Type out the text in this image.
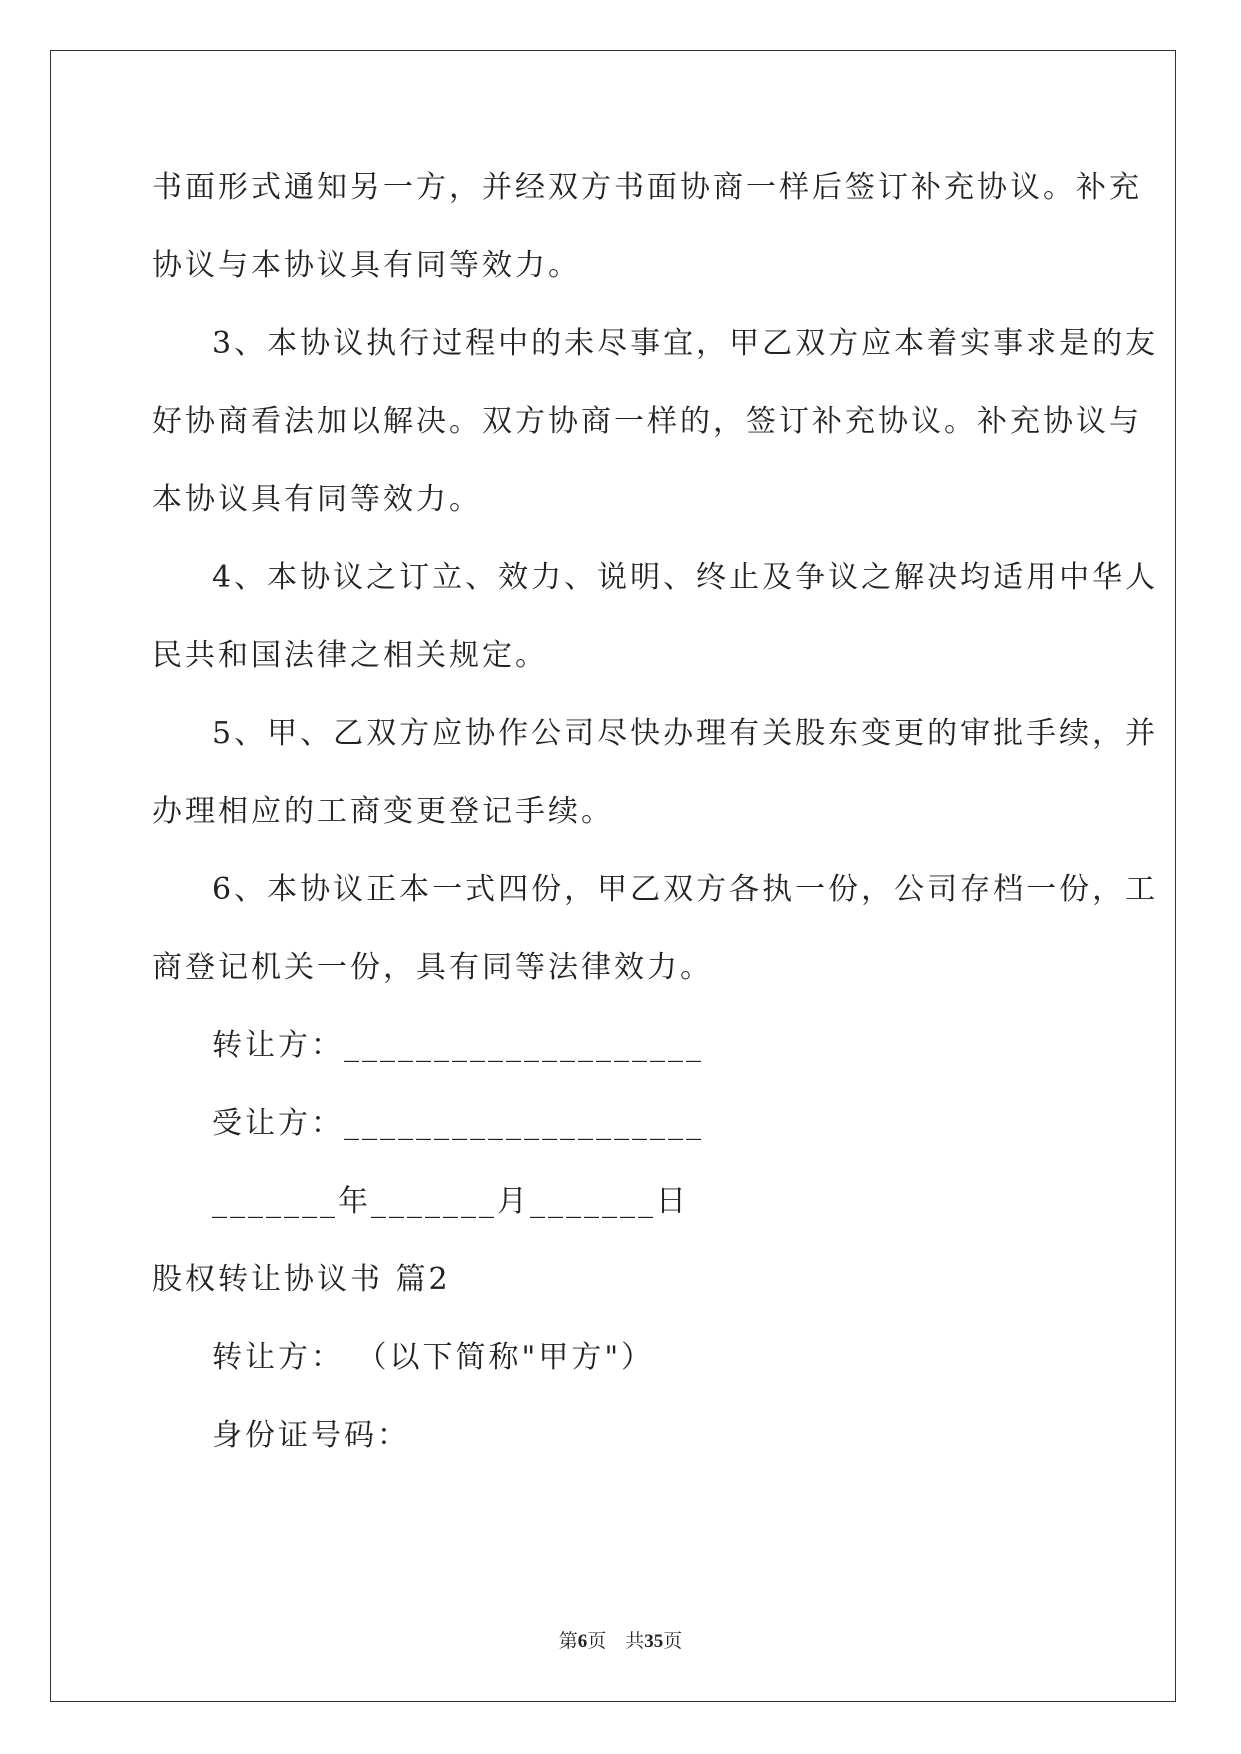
书面形式通知另一方，并经双方书面协商一样后签订补充协议。补充
协议与本协议具有同等效力。
3、本协议执行过程中的未尽事宜，甲乙双方应本着实事求是的友
好协商看法加以解决。双方协商一样的，签订补充协议。补充协议与
本协议具有同等效力。
4、本协议之订立、效力、说明、终止及争议之解决均适用中华人
民共和国法律之相关规定。
5、甲、乙双方应协作公司尽快办理有关股东变更的审批手续，并
办理相应的工商变更登记手续。
6、本协议正本一式四份，甲乙双方各执一份，公司存档一份，工
商登记机关一份，具有同等法律效力。
转让方：____________________
受让方：____________________
_______年_______月_______日
股权转让协议书 篇2
转让方： （以下简称"甲方"）
身份证号码：
第6页　共35页
